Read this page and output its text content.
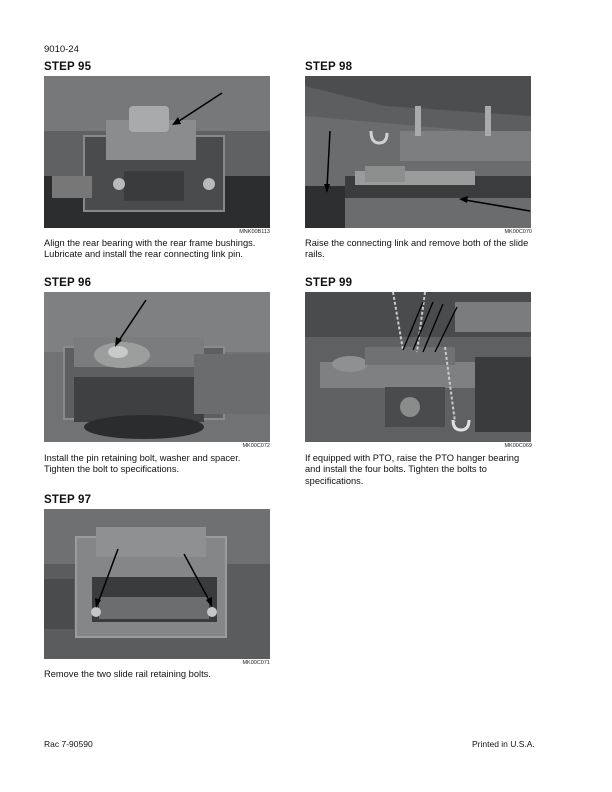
9010-24
STEP 95
MNK00B113
Align the rear bearing with the rear frame bushings. Lubricate and install the rear connecting link pin.
STEP 96
MK00C072
Install the pin retaining bolt, washer and spacer. Tighten the bolt to specifications.
STEP 97
MK00C071
Remove the two slide rail retaining bolts.
STEP 98
MK00C070
Raise the connecting link and remove both of the slide rails.
STEP 99
MK00C069
If equipped with PTO, raise the PTO hanger bearing and install the four bolts. Tighten the bolts to specifications.
Rac 7-90590	Printed in U.S.A.
